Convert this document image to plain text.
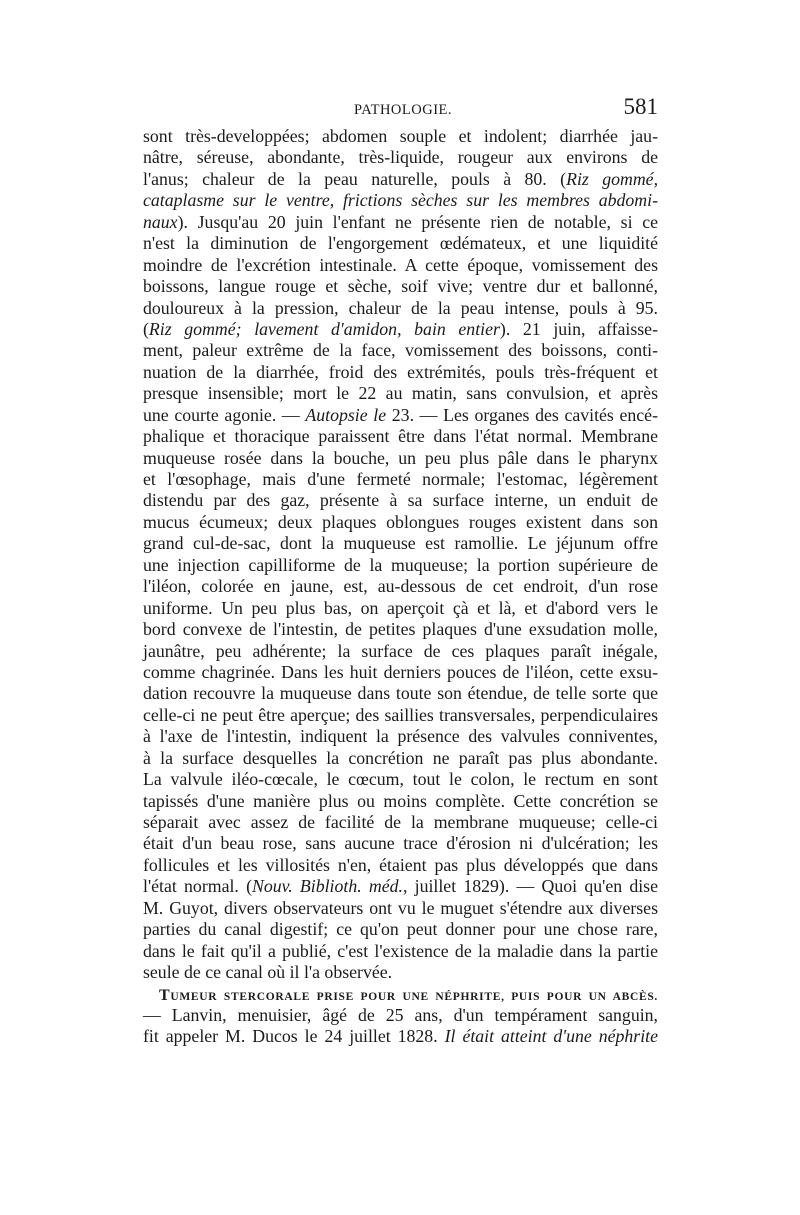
PATHOLOGIE.	581
sont très-developpées; abdomen souple et indolent; diarrhée jau-
nâtre, séreuse, abondante, très-liquide, rougeur aux environs de
l'anus; chaleur de la peau naturelle, pouls à 80. (Riz gommé,
cataplasme sur le ventre, frictions sèches sur les membres abdomi-
naux). Jusqu'au 20 juin l'enfant ne présente rien de notable, si ce
n'est la diminution de l'engorgement œdémateux, et une liquidité
moindre de l'excrétion intestinale. A cette époque, vomissement des
boissons, langue rouge et sèche, soif vive; ventre dur et ballonné,
douloureux à la pression, chaleur de la peau intense, pouls à 95.
(Riz gommé; lavement d'amidon, bain entier). 21 juin, affaisse-
ment, paleur extrême de la face, vomissement des boissons, conti-
nuation de la diarrhée, froid des extrémités, pouls très-fréquent et
presque insensible; mort le 22 au matin, sans convulsion, et après
une courte agonie. — Autopsie le 23. — Les organes des cavités encé-
phalique et thoracique paraissent être dans l'état normal. Membrane
muqueuse rosée dans la bouche, un peu plus pâle dans le pharynx
et l'œsophage, mais d'une fermeté normale; l'estomac, légèrement
distendu par des gaz, présente à sa surface interne, un enduit de
mucus écumeux; deux plaques oblongues rouges existent dans son
grand cul-de-sac, dont la muqueuse est ramollie. Le jéjunum offre
une injection capilliforme de la muqueuse; la portion supérieure de
l'iléon, colorée en jaune, est, au-dessous de cet endroit, d'un rose
uniforme. Un peu plus bas, on aperçoit çà et là, et d'abord vers le
bord convexe de l'intestin, de petites plaques d'une exsudation molle,
jaunâtre, peu adhérente; la surface de ces plaques paraît inégale,
comme chagrinée. Dans les huit derniers pouces de l'iléon, cette exsu-
dation recouvre la muqueuse dans toute son étendue, de telle sorte que
celle-ci ne peut être aperçue; des saillies transversales, perpendiculaires
à l'axe de l'intestin, indiquent la présence des valvules conniventes,
à la surface desquelles la concrétion ne paraît pas plus abondante.
La valvule iléo-cœcale, le cœcum, tout le colon, le rectum en sont
tapissés d'une manière plus ou moins complète. Cette concrétion se
séparait avec assez de facilité de la membrane muqueuse; celle-ci
était d'un beau rose, sans aucune trace d'érosion ni d'ulcération; les
follicules et les villosités n'en, étaient pas plus développés que dans
l'état normal. (Nouv. Biblioth. méd., juillet 1829). — Quoi qu'en dise
M. Guyot, divers observateurs ont vu le muguet s'étendre aux diverses
parties du canal digestif; ce qu'on peut donner pour une chose rare,
dans le fait qu'il a publié, c'est l'existence de la maladie dans la partie
seule de ce canal où il l'a observée.
TUMEUR STERCORALE PRISE POUR UNE NÉPHRITE, PUIS POUR UN ABCÈS.
— Lanvin, menuisier, âgé de 25 ans, d'un tempérament sanguin,
fit appeler M. Ducos le 24 juillet 1828. Il était atteint d'une néphrite
